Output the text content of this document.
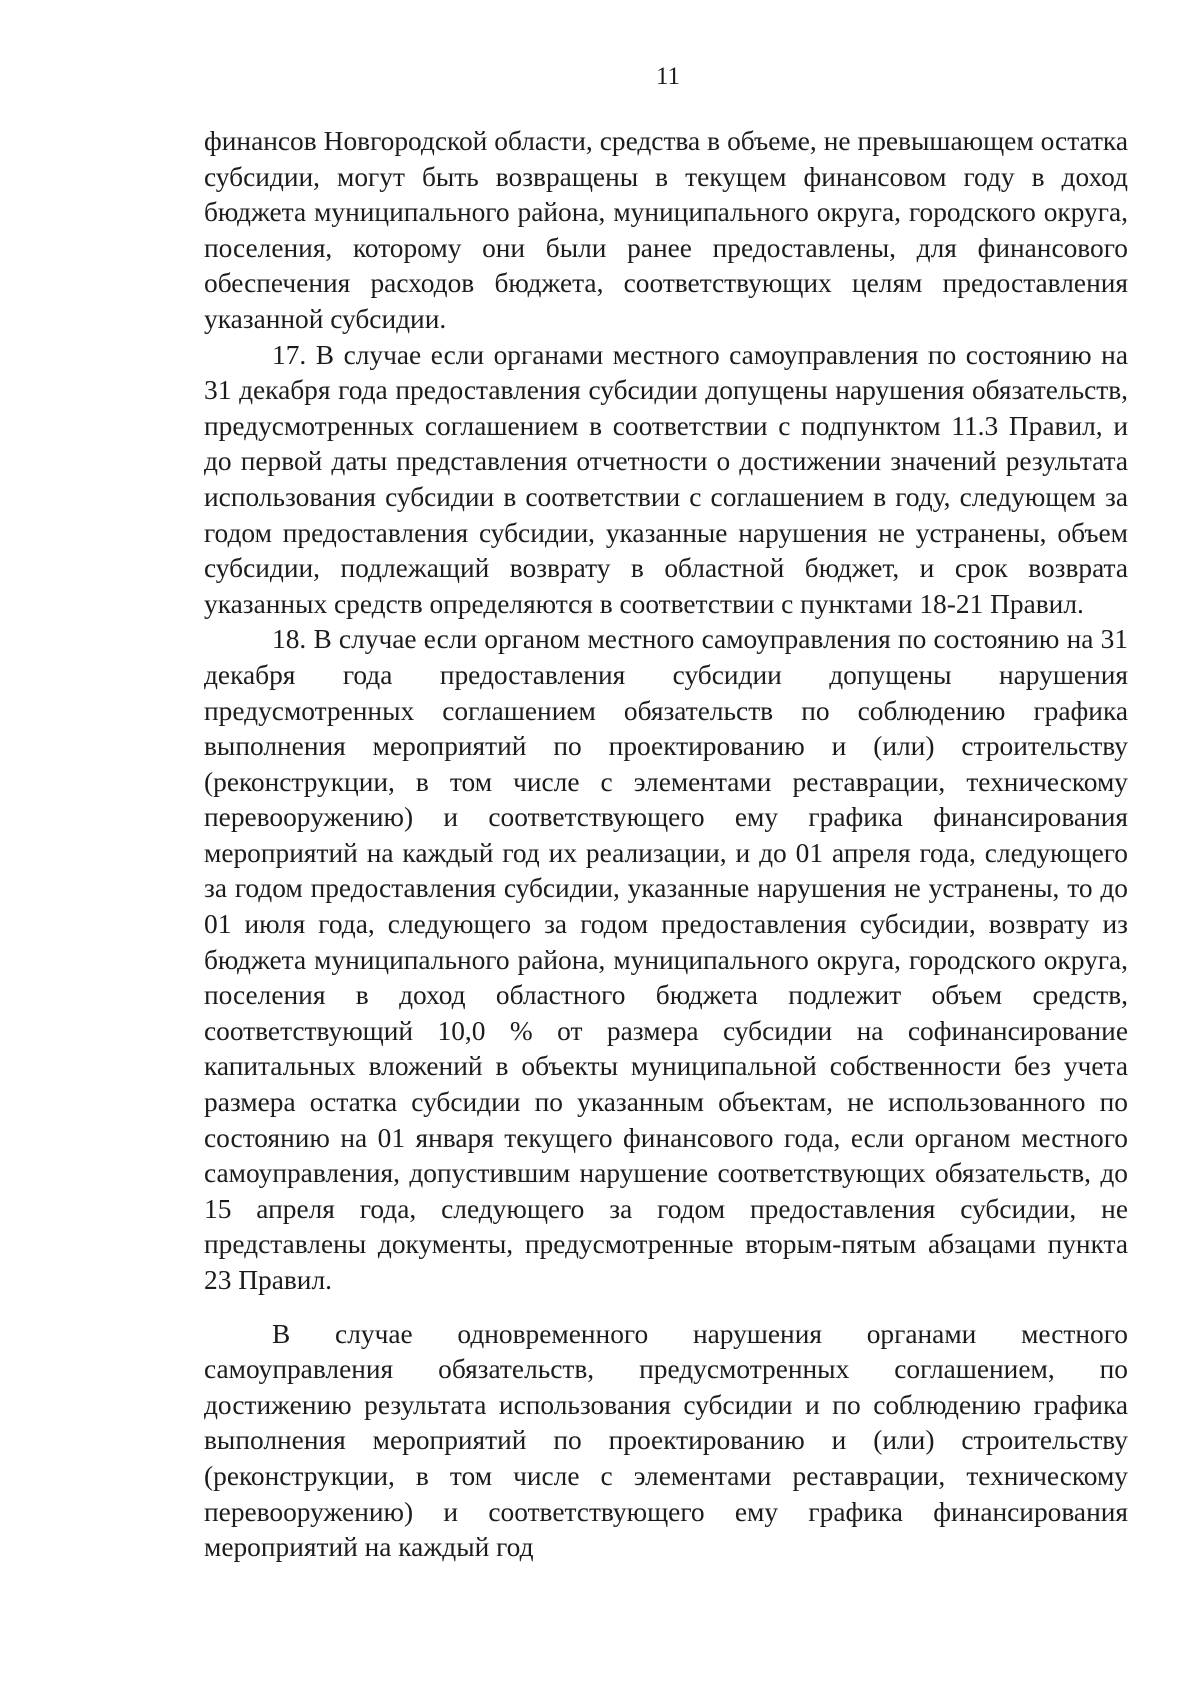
11

финансов Новгородской области, средства в объеме, не превышающем остатка субсидии, могут быть возвращены в текущем финансовом году в доход бюджета муниципального района, муниципального округа, городского округа, поселения, которому они были ранее предоставлены, для финансового обеспечения расходов бюджета, соответствующих целям предоставления указанной субсидии.

17. В случае если органами местного самоуправления по состоянию на 31 декабря года предоставления субсидии допущены нарушения обязательств, предусмотренных соглашением в соответствии с подпунктом 11.3 Правил, и до первой даты представления отчетности о достижении значений результата использования субсидии в соответствии с соглашением в году, следующем за годом предоставления субсидии, указанные нарушения не устранены, объем субсидии, подлежащий возврату в областной бюджет, и срок возврата указанных средств определяются в соответствии с пунктами 18-21 Правил.

18. В случае если органом местного самоуправления по состоянию на 31 декабря года предоставления субсидии допущены нарушения предусмотренных соглашением обязательств по соблюдению графика выполнения мероприятий по проектированию и (или) строительству (реконструкции, в том числе с элементами реставрации, техническому перевооружению) и соответствующего ему графика финансирования мероприятий на каждый год их реализации, и до 01 апреля года, следующего за годом предоставления субсидии, указанные нарушения не устранены, то до 01 июля года, следующего за годом предоставления субсидии, возврату из бюджета муниципального района, муниципального округа, городского округа, поселения в доход областного бюджета подлежит объем средств, соответствующий 10,0 % от размера субсидии на софинансирование капитальных вложений в объекты муниципальной собственности без учета размера остатка субсидии по указанным объектам, не использованного по состоянию на 01 января текущего финансового года, если органом местного самоуправления, допустившим нарушение соответствующих обязательств, до 15 апреля года, следующего за годом предоставления субсидии, не представлены документы, предусмотренные вторым-пятым абзацами пункта 23 Правил.

В случае одновременного нарушения органами местного самоуправления обязательств, предусмотренных соглашением, по достижению результата использования субсидии и по соблюдению графика выполнения мероприятий по проектированию и (или) строительству (реконструкции, в том числе с элементами реставрации, техническому перевооружению) и соответствующего ему графика финансирования мероприятий на каждый год
